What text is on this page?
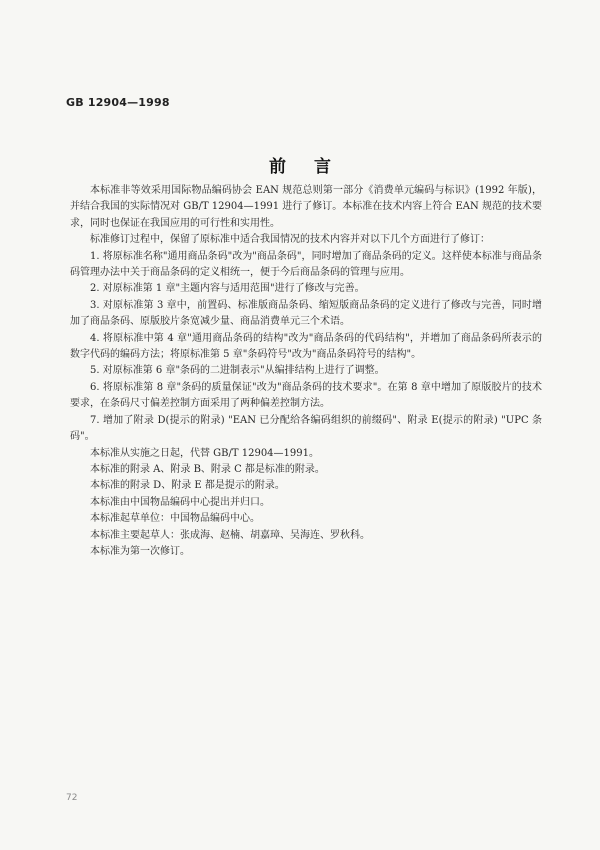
GB 12904—1998
前言

本标准非等效采用国际物品编码协会 EAN 规范总则第一部分《消费单元编码与标识》(1992 年版)，并结合我国的实际情况对 GB/T 12904—1991 进行了修订。本标准在技术内容上符合 EAN 规范的技术要求，同时也保证在我国应用的可行性和实用性。

标准修订过程中，保留了原标准中适合我国情况的技术内容并对以下几个方面进行了修订：

1. 将原标准名称"通用商品条码"改为"商品条码"，同时增加了商品条码的定义。这样使本标准与商品条码管理办法中关于商品条码的定义相统一，便于今后商品条码的管理与应用。

2. 对原标准第 1 章"主题内容与适用范围"进行了修改与完善。

3. 对原标准第 3 章中，前置码、标准版商品条码、缩短版商品条码的定义进行了修改与完善，同时增加了商品条码、原版胶片条宽减少量、商品消费单元三个术语。

4. 将原标准中第 4 章"通用商品条码的结构"改为"商品条码的代码结构"，并增加了商品条码所表示的数字代码的编码方法；将原标准第 5 章"条码符号"改为"商品条码符号的结构"。

5. 对原标准第 6 章"条码的二进制表示"从编排结构上进行了调整。

6. 将原标准第 8 章"条码的质量保证"改为"商品条码的技术要求"。在第 8 章中增加了原版胶片的技术要求，在条码尺寸偏差控制方面采用了两种偏差控制方法。

7. 增加了附录 D(提示的附录) "EAN 已分配给各编码组织的前缀码"、附录 E(提示的附录) "UPC 条码"。

本标准从实施之日起，代替 GB/T 12904—1991。

本标准的附录 A、附录 B、附录 C 都是标准的附录。

本标准的附录 D、附录 E 都是提示的附录。

本标准由中国物品编码中心提出并归口。

本标准起草单位：中国物品编码中心。

本标准主要起草人：张成海、赵楠、胡嘉璋、吴海连、罗秋科。

本标准为第一次修订。

72
